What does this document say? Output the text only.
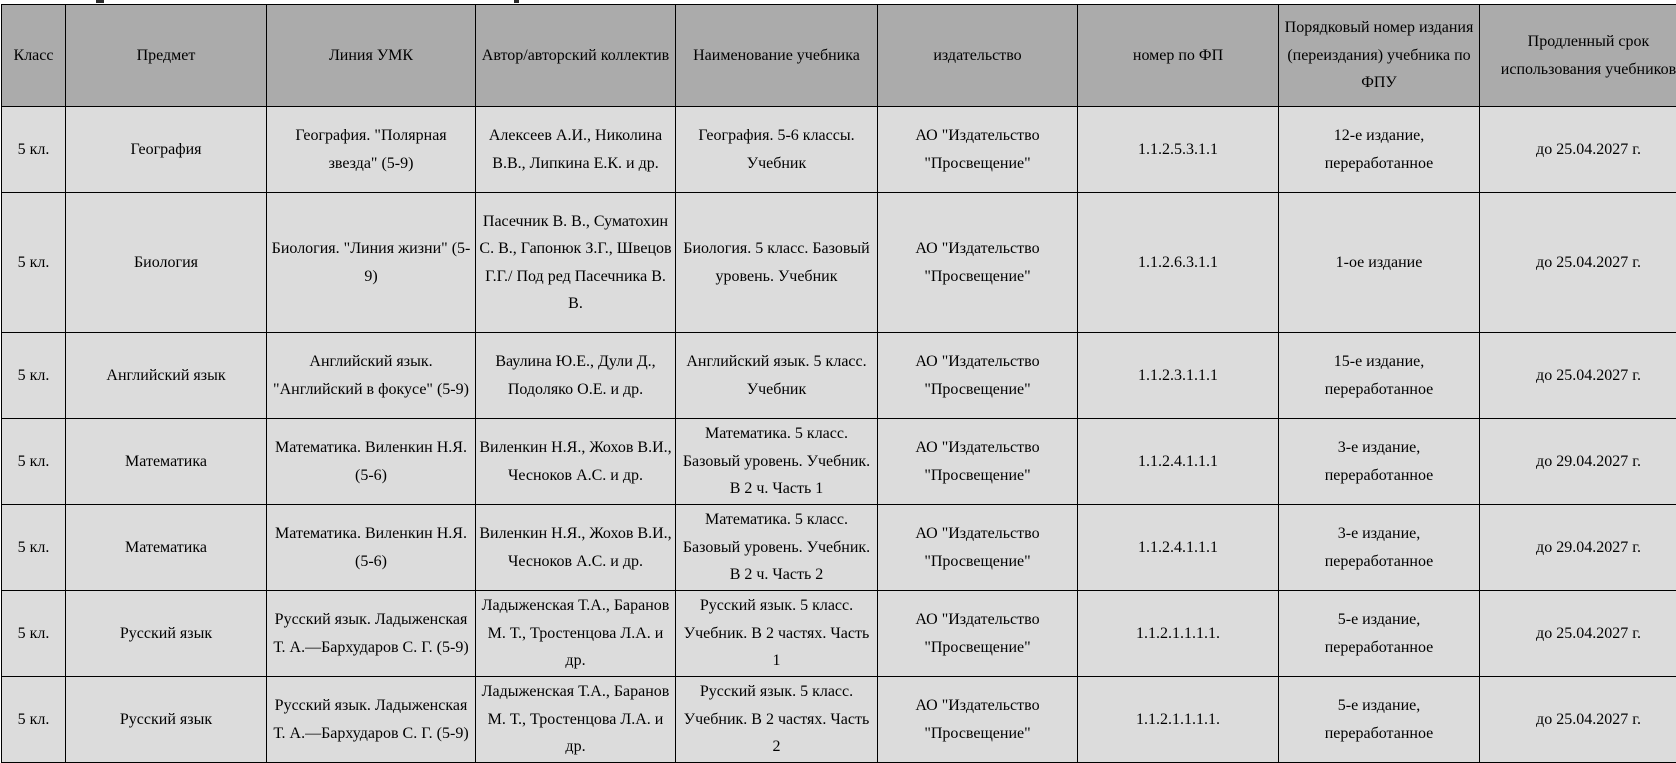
Класс	Предмет	Линия УМК	Автор/авторский коллектив	Наименование учебника	издательство	номер по ФП	Порядковый номер издания (переиздания) учебника по ФПУ	Продленный срок использования учебников
5 кл.	География	География. "Полярная звезда" (5-9)	Алексеев А.И., Николина В.В., Липкина Е.К. и др.	География. 5-6 классы. Учебник	АО "Издательство "Просвещение"	1.1.2.5.3.1.1	12-е издание, переработанное	до 25.04.2027 г.
5 кл.	Биология	Биология. "Линия жизни" (5-9)	Пасечник В. В., Суматохин С. В., Гапонюк З.Г., Швецов Г.Г./ Под ред Пасечника В. В.	Биология. 5 класс. Базовый уровень. Учебник	АО "Издательство "Просвещение"	1.1.2.6.3.1.1	1-ое издание	до 25.04.2027 г.
5 кл.	Английский язык	Английский язык. "Английский в фокусе" (5-9)	Ваулина Ю.Е., Дули Д., Подоляко О.Е. и др.	Английский язык. 5 класс. Учебник	АО "Издательство "Просвещение"	1.1.2.3.1.1.1	15-е издание, переработанное	до 25.04.2027 г.
5 кл.	Математика	Математика. Виленкин Н.Я. (5-6)	Виленкин Н.Я., Жохов В.И., Чесноков А.С. и др.	Математика. 5 класс. Базовый уровень. Учебник. В 2 ч. Часть 1	АО "Издательство "Просвещение"	1.1.2.4.1.1.1	3-е издание, переработанное	до 29.04.2027 г.
5 кл.	Математика	Математика. Виленкин Н.Я. (5-6)	Виленкин Н.Я., Жохов В.И., Чесноков А.С. и др.	Математика. 5 класс. Базовый уровень. Учебник. В 2 ч. Часть 2	АО "Издательство "Просвещение"	1.1.2.4.1.1.1	3-е издание, переработанное	до 29.04.2027 г.
5 кл.	Русский язык	Русский язык. Ладыженская Т. А.—Бархударов С. Г. (5-9)	Ладыженская Т.А., Баранов М. Т., Тростенцова Л.А. и др.	Русский язык. 5 класс. Учебник. В 2 частях. Часть 1	АО "Издательство "Просвещение"	1.1.2.1.1.1.1.	5-е издание, переработанное	до 25.04.2027 г.
5 кл.	Русский язык	Русский язык. Ладыженская Т. А.—Бархударов С. Г. (5-9)	Ладыженская Т.А., Баранов М. Т., Тростенцова Л.А. и др.	Русский язык. 5 класс. Учебник. В 2 частях. Часть 2	АО "Издательство "Просвещение"	1.1.2.1.1.1.1.	5-е издание, переработанное	до 25.04.2027 г.
